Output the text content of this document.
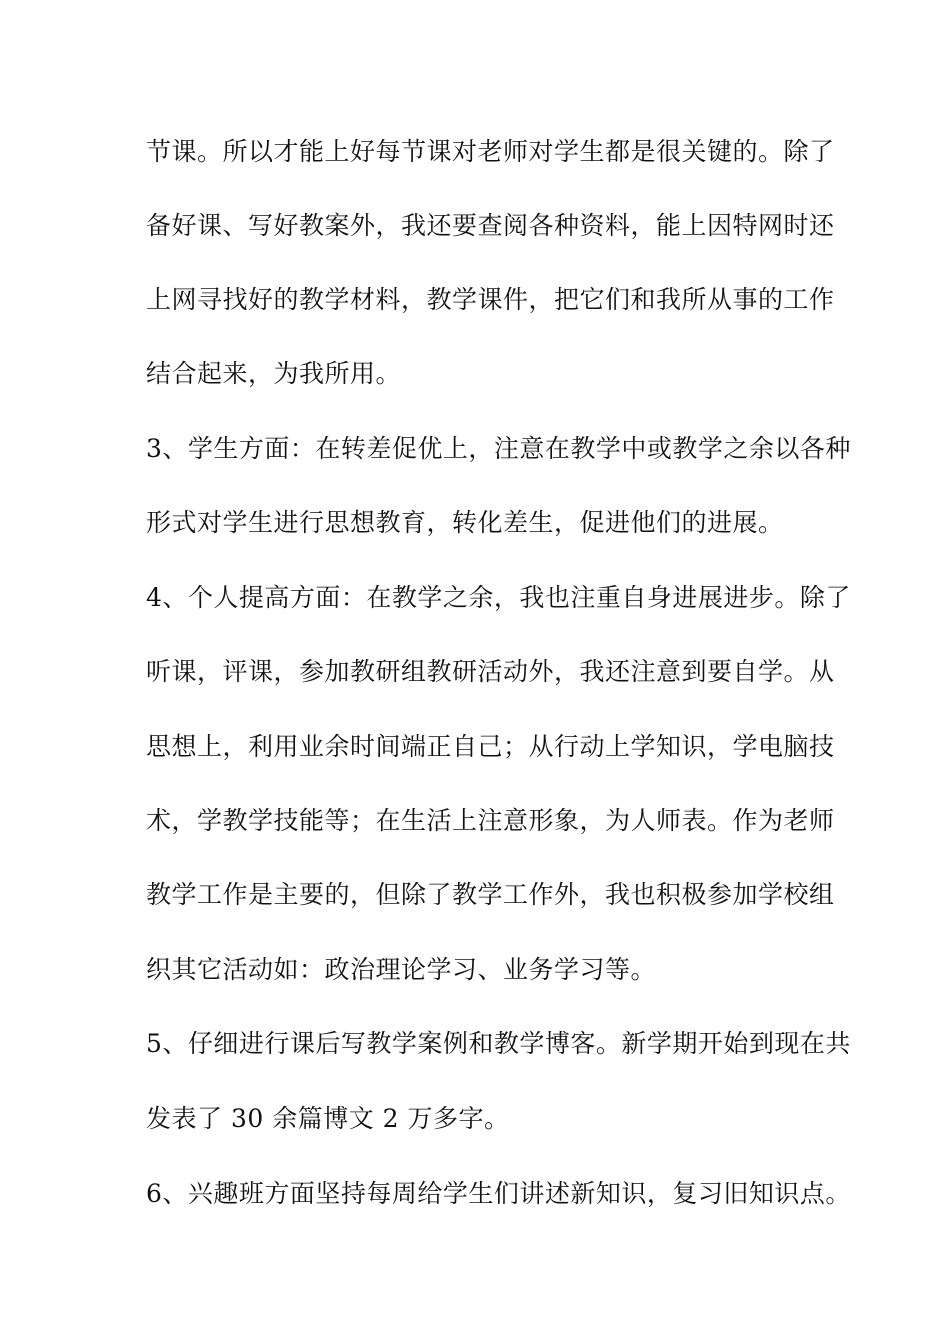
节课。所以才能上好每节课对老师对学生都是很关键的。除了
备好课、写好教案外，我还要查阅各种资料，能上因特网时还
上网寻找好的教学材料，教学课件，把它们和我所从事的工作
结合起来，为我所用。
3、学生方面：在转差促优上，注意在教学中或教学之余以各种
形式对学生进行思想教育，转化差生，促进他们的进展。
4、个人提高方面：在教学之余，我也注重自身进展进步。除了
听课，评课，参加教研组教研活动外，我还注意到要自学。从
思想上，利用业余时间端正自己；从行动上学知识，学电脑技
术，学教学技能等；在生活上注意形象，为人师表。作为老师
教学工作是主要的，但除了教学工作外，我也积极参加学校组
织其它活动如：政治理论学习、业务学习等。
5、仔细进行课后写教学案例和教学博客。新学期开始到现在共
发表了 30 余篇博文 2 万多字。
6、兴趣班方面坚持每周给学生们讲述新知识，复习旧知识点。
